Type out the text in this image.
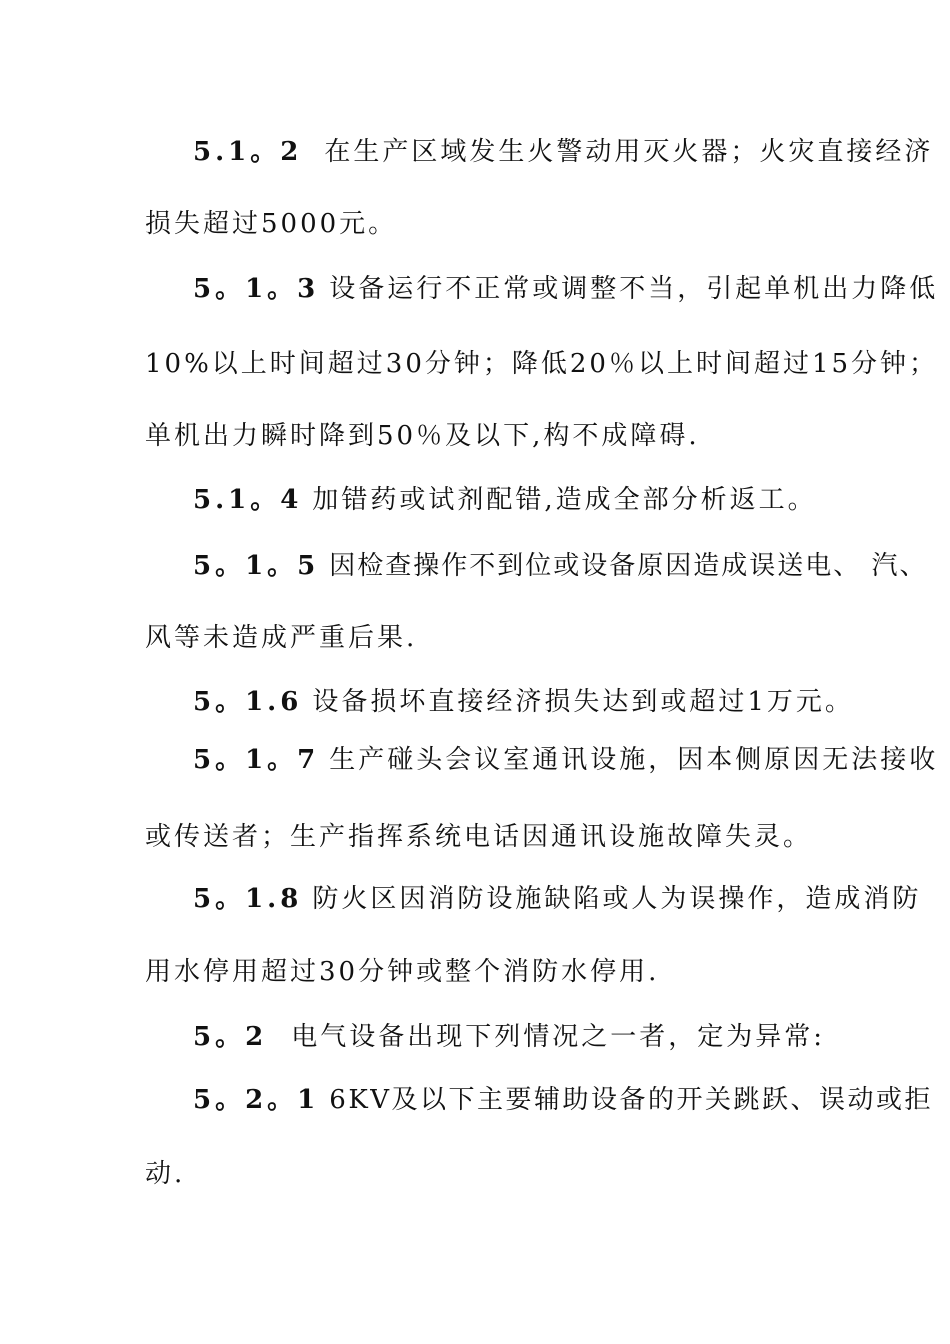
5.1。2 在生产区域发生火警动用灭火器；火灾直接经济
损失超过5000元。
5。1。3 设备运行不正常或调整不当，引起单机出力降低
10%以上时间超过30分钟；降低20％以上时间超过15分钟；
单机出力瞬时降到50％及以下,构不成障碍.
5.1。4 加错药或试剂配错,造成全部分析返工。
5。1。5 因检查操作不到位或设备原因造成误送电、 汽、
风等未造成严重后果.
5。1.6 设备损坏直接经济损失达到或超过1万元。
5。1。7 生产碰头会议室通讯设施，因本侧原因无法接收
或传送者；生产指挥系统电话因通讯设施故障失灵。
5。1.8 防火区因消防设施缺陷或人为误操作，造成消防
用水停用超过30分钟或整个消防水停用.
5。2 电气设备出现下列情况之一者，定为异常:
5。2。1 6KV及以下主要辅助设备的开关跳跃、误动或拒
动.
